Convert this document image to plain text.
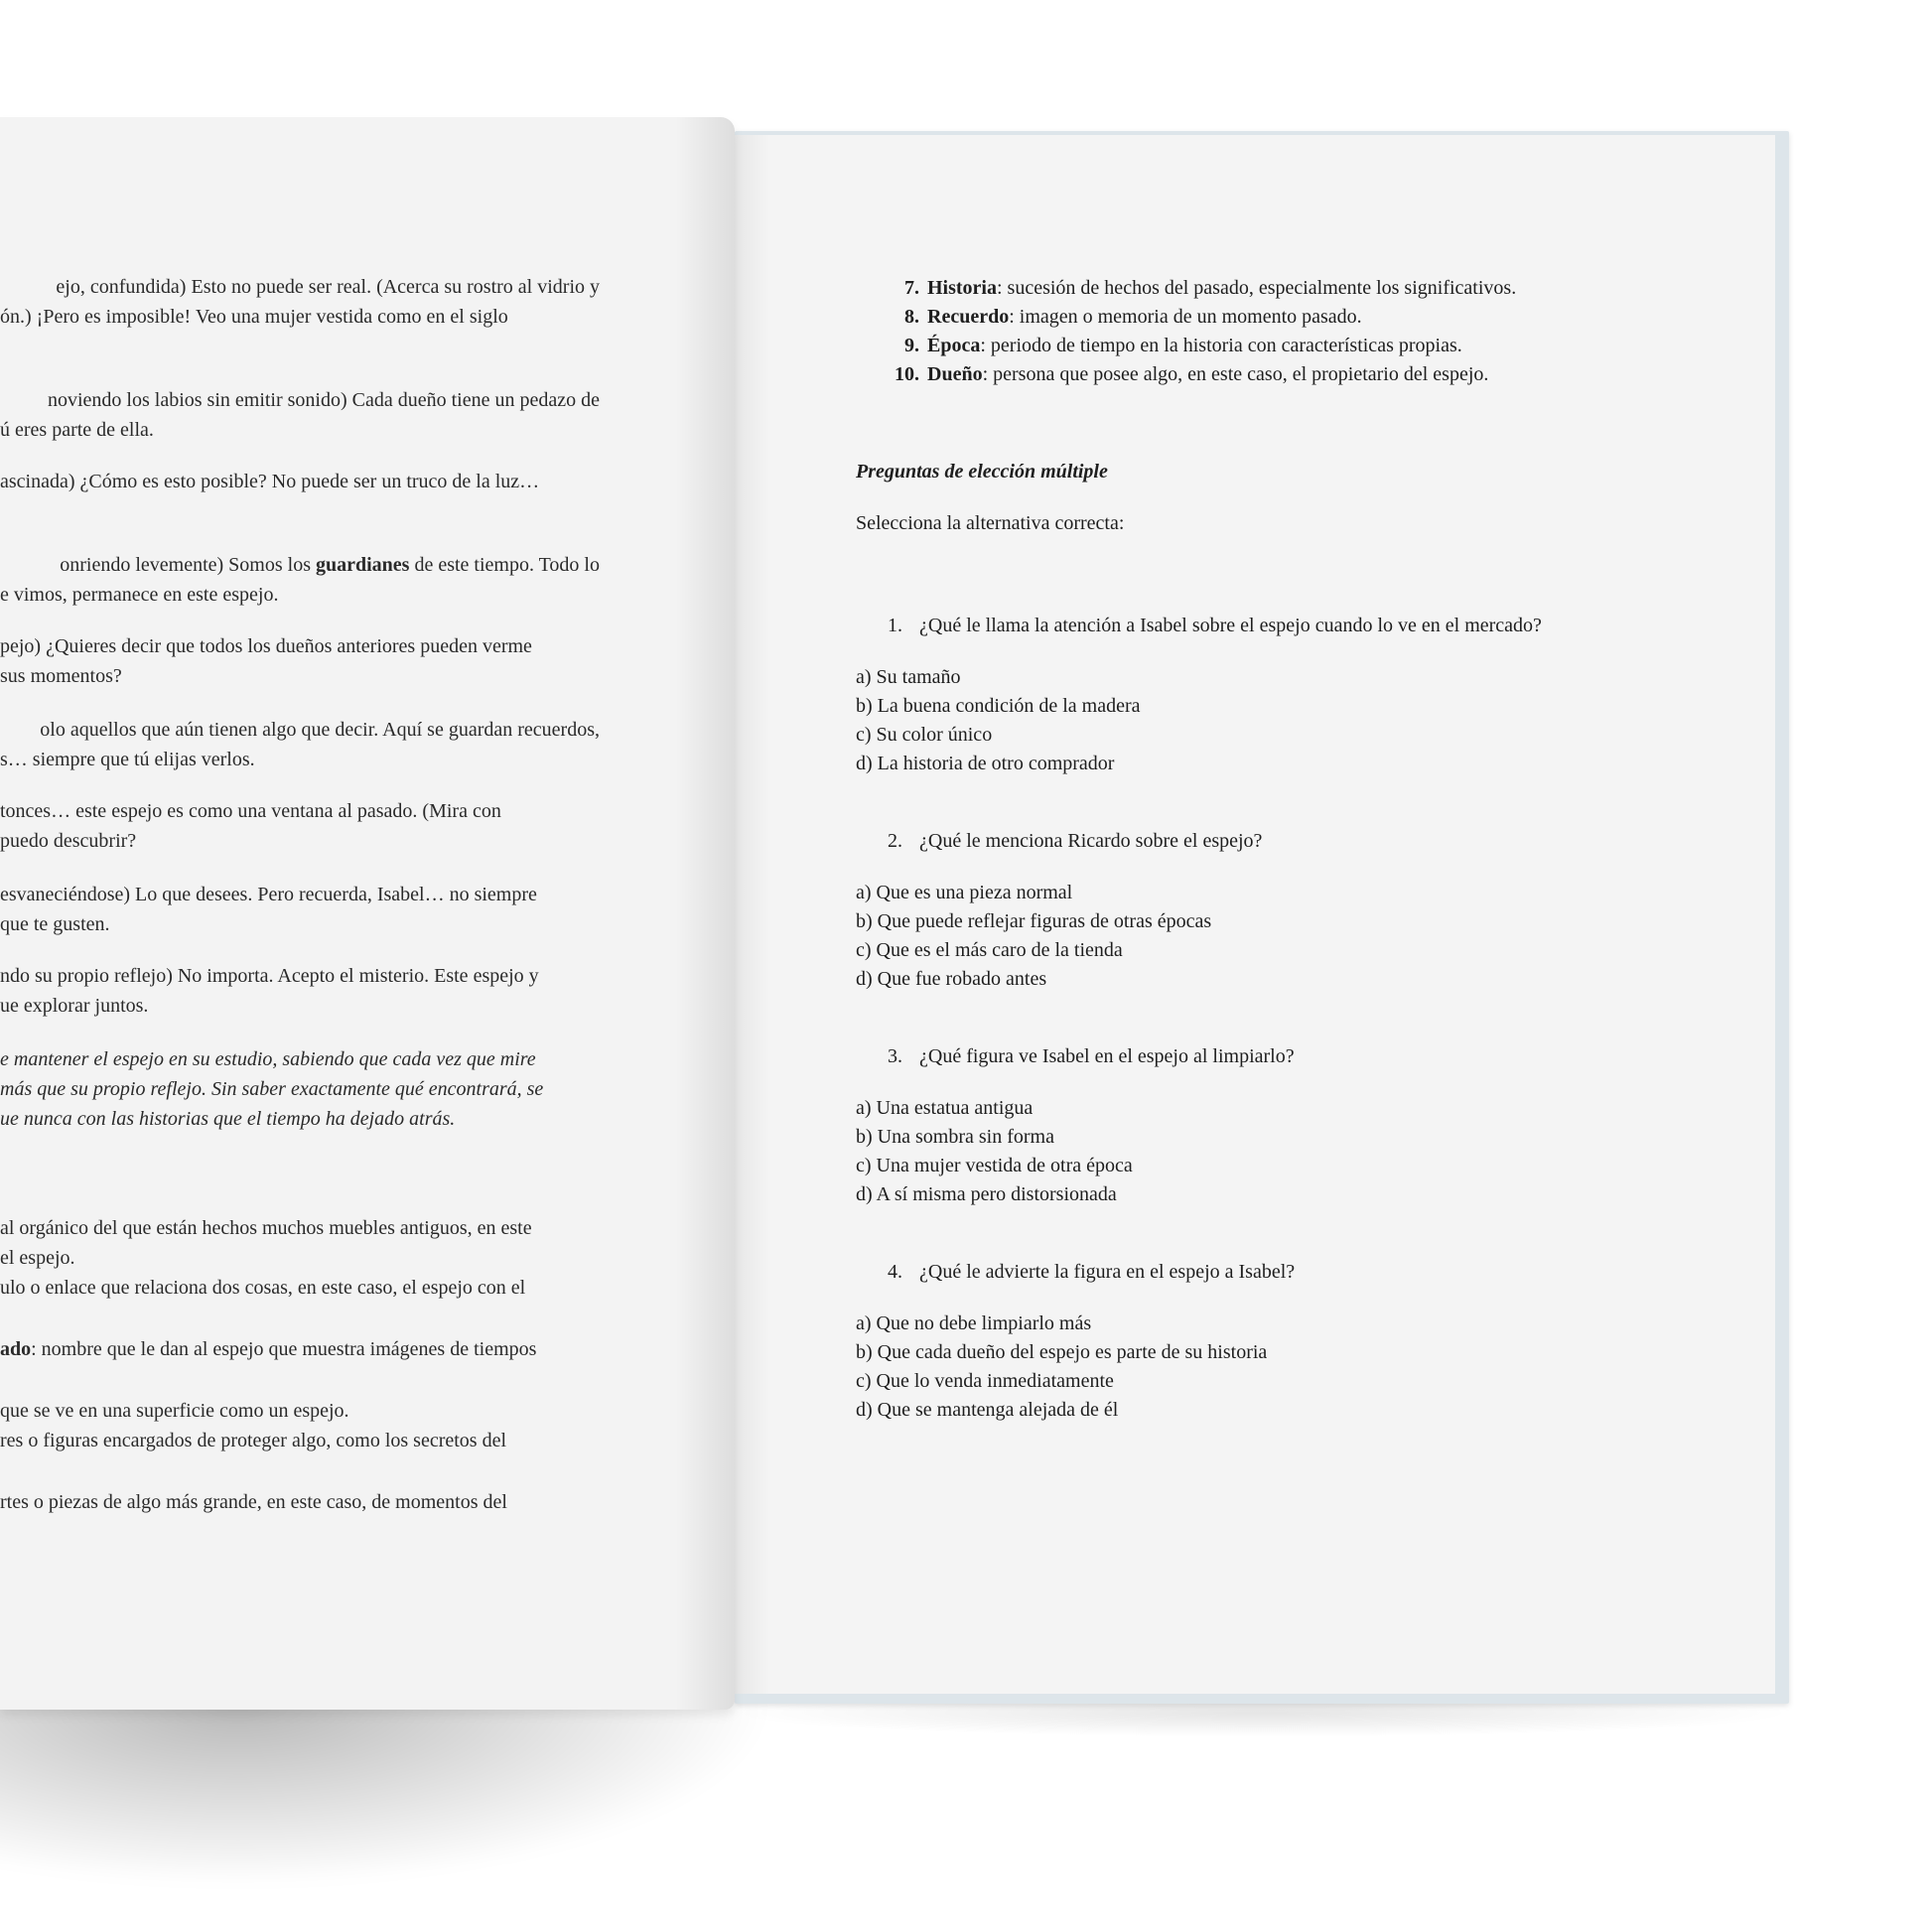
7. Historia: sucesión de hechos del pasado, especialmente los significativos.
8. Recuerdo: imagen o memoria de un momento pasado.
9. Época: periodo de tiempo en la historia con características propias.
10. Dueño: persona que posee algo, en este caso, el propietario del espejo.
Preguntas de elección múltiple
Selecciona la alternativa correcta:
1. ¿Qué le llama la atención a Isabel sobre el espejo cuando lo ve en el mercado?
a) Su tamaño
b) La buena condición de la madera
c) Su color único
d) La historia de otro comprador
2. ¿Qué le menciona Ricardo sobre el espejo?
a) Que es una pieza normal
b) Que puede reflejar figuras de otras épocas
c) Que es el más caro de la tienda
d) Que fue robado antes
3. ¿Qué figura ve Isabel en el espejo al limpiarlo?
a) Una estatua antigua
b) Una sombra sin forma
c) Una mujer vestida de otra época
d) A sí misma pero distorsionada
4. ¿Qué le advierte la figura en el espejo a Isabel?
a) Que no debe limpiarlo más
b) Que cada dueño del espejo es parte de su historia
c) Que lo venda inmediatamente
d) Que se mantenga alejada de él
ejo, confundida) Esto no puede ser real. (Acerca su rostro al vidrio y
ón.) ¡Pero es imposible! Veo una mujer vestida como en el siglo
noviendo los labios sin emitir sonido) Cada dueño tiene un pedazo de
ú eres parte de ella.
ascinada) ¿Cómo es esto posible? No puede ser un truco de la luz…
onriendo levemente) Somos los guardianes de este tiempo. Todo lo
e vimos, permanece en este espejo.
pejo) ¿Quieres decir que todos los dueños anteriores pueden verme
sus momentos?
olo aquellos que aún tienen algo que decir. Aquí se guardan recuerdos,
s… siempre que tú elijas verlos.
tonces… este espejo es como una ventana al pasado. (Mira con
puedo descubrir?
esvaneciéndose) Lo que desees. Pero recuerda, Isabel… no siempre
que te gusten.
ndo su propio reflejo) No importa. Acepto el misterio. Este espejo y
ue explorar juntos.
e mantener el espejo en su estudio, sabiendo que cada vez que mire
más que su propio reflejo. Sin saber exactamente qué encontrará, se
ue nunca con las historias que el tiempo ha dejado atrás.
al orgánico del que están hechos muchos muebles antiguos, en este
el espejo.
ulo o enlace que relaciona dos cosas, en este caso, el espejo con el
ado: nombre que le dan al espejo que muestra imágenes de tiempos
que se ve en una superficie como un espejo.
res o figuras encargados de proteger algo, como los secretos del
rtes o piezas de algo más grande, en este caso, de momentos del
